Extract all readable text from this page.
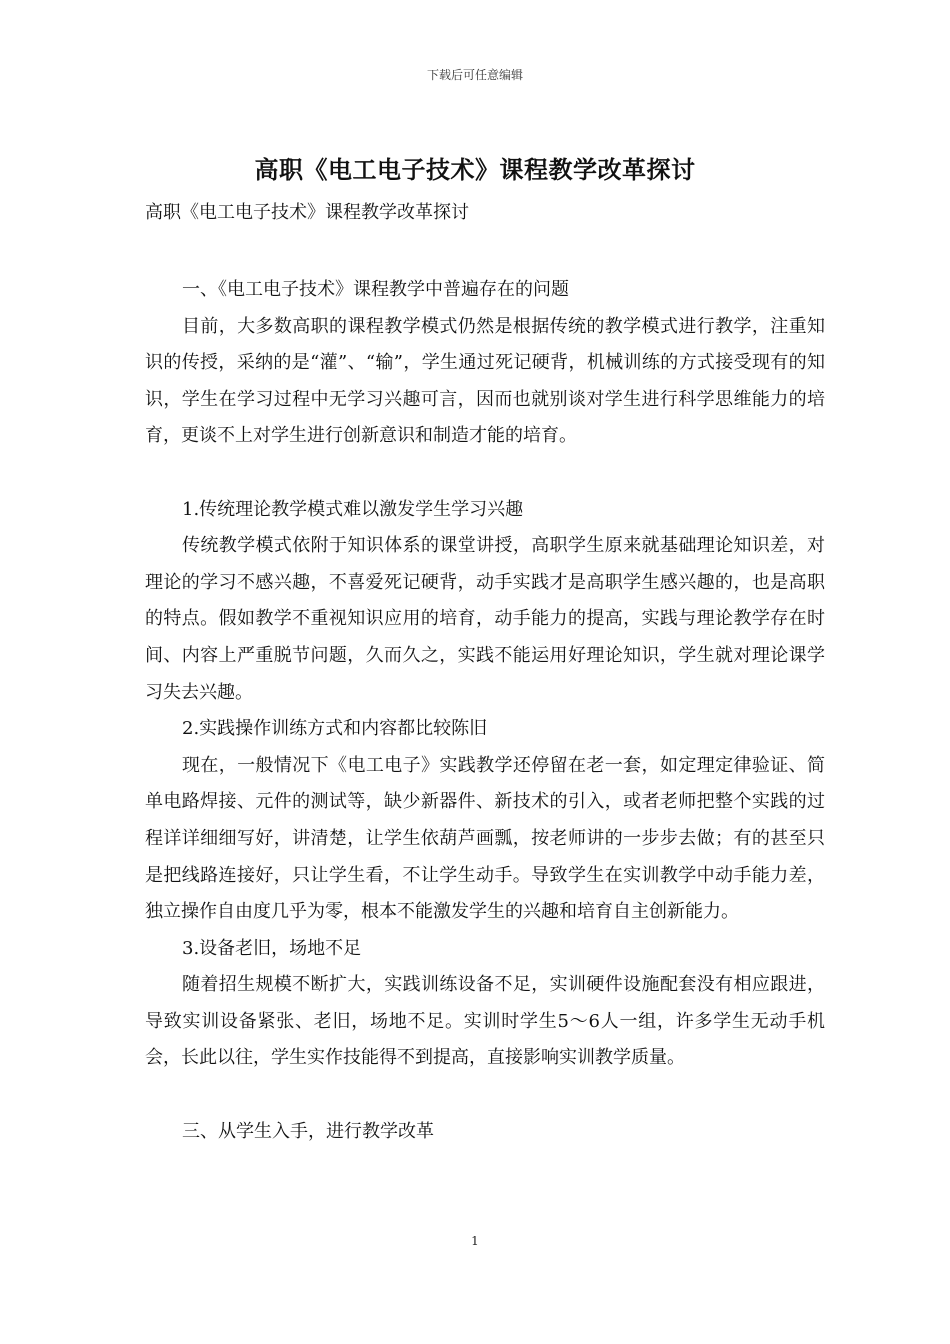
下载后可任意编辑
高职《电工电子技术》课程教学改革探讨
高职《电工电子技术》课程教学改革探讨

一、《电工电子技术》课程教学中普遍存在的问题

目前，大多数高职的课程教学模式仍然是根据传统的教学模式进行教学，注重知识的传授，采纳的是“灌”、“输”，学生通过死记硬背，机械训练的方式接受现有的知识，学生在学习过程中无学习兴趣可言，因而也就别谈对学生进行科学思维能力的培育，更谈不上对学生进行创新意识和制造才能的培育。

1.传统理论教学模式难以激发学生学习兴趣

传统教学模式依附于知识体系的课堂讲授，高职学生原来就基础理论知识差，对理论的学习不感兴趣，不喜爱死记硬背，动手实践才是高职学生感兴趣的，也是高职的特点。假如教学不重视知识应用的培育，动手能力的提高，实践与理论教学存在时间、内容上严重脱节问题，久而久之，实践不能运用好理论知识，学生就对理论课学习失去兴趣。

2.实践操作训练方式和内容都比较陈旧

现在，一般情况下《电工电子》实践教学还停留在老一套，如定理定律验证、简单电路焊接、元件的测试等，缺少新器件、新技术的引入，或者老师把整个实践的过程详详细细写好，讲清楚，让学生依葫芦画瓢，按老师讲的一步步去做；有的甚至只是把线路连接好，只让学生看，不让学生动手。导致学生在实训教学中动手能力差，独立操作自由度几乎为零，根本不能激发学生的兴趣和培育自主创新能力。

3.设备老旧，场地不足

随着招生规模不断扩大，实践训练设备不足，实训硬件设施配套没有相应跟进，导致实训设备紧张、老旧，场地不足。实训时学生5～6人一组，许多学生无动手机会，长此以往，学生实作技能得不到提高，直接影响实训教学质量。

三、从学生入手，进行教学改革

1
